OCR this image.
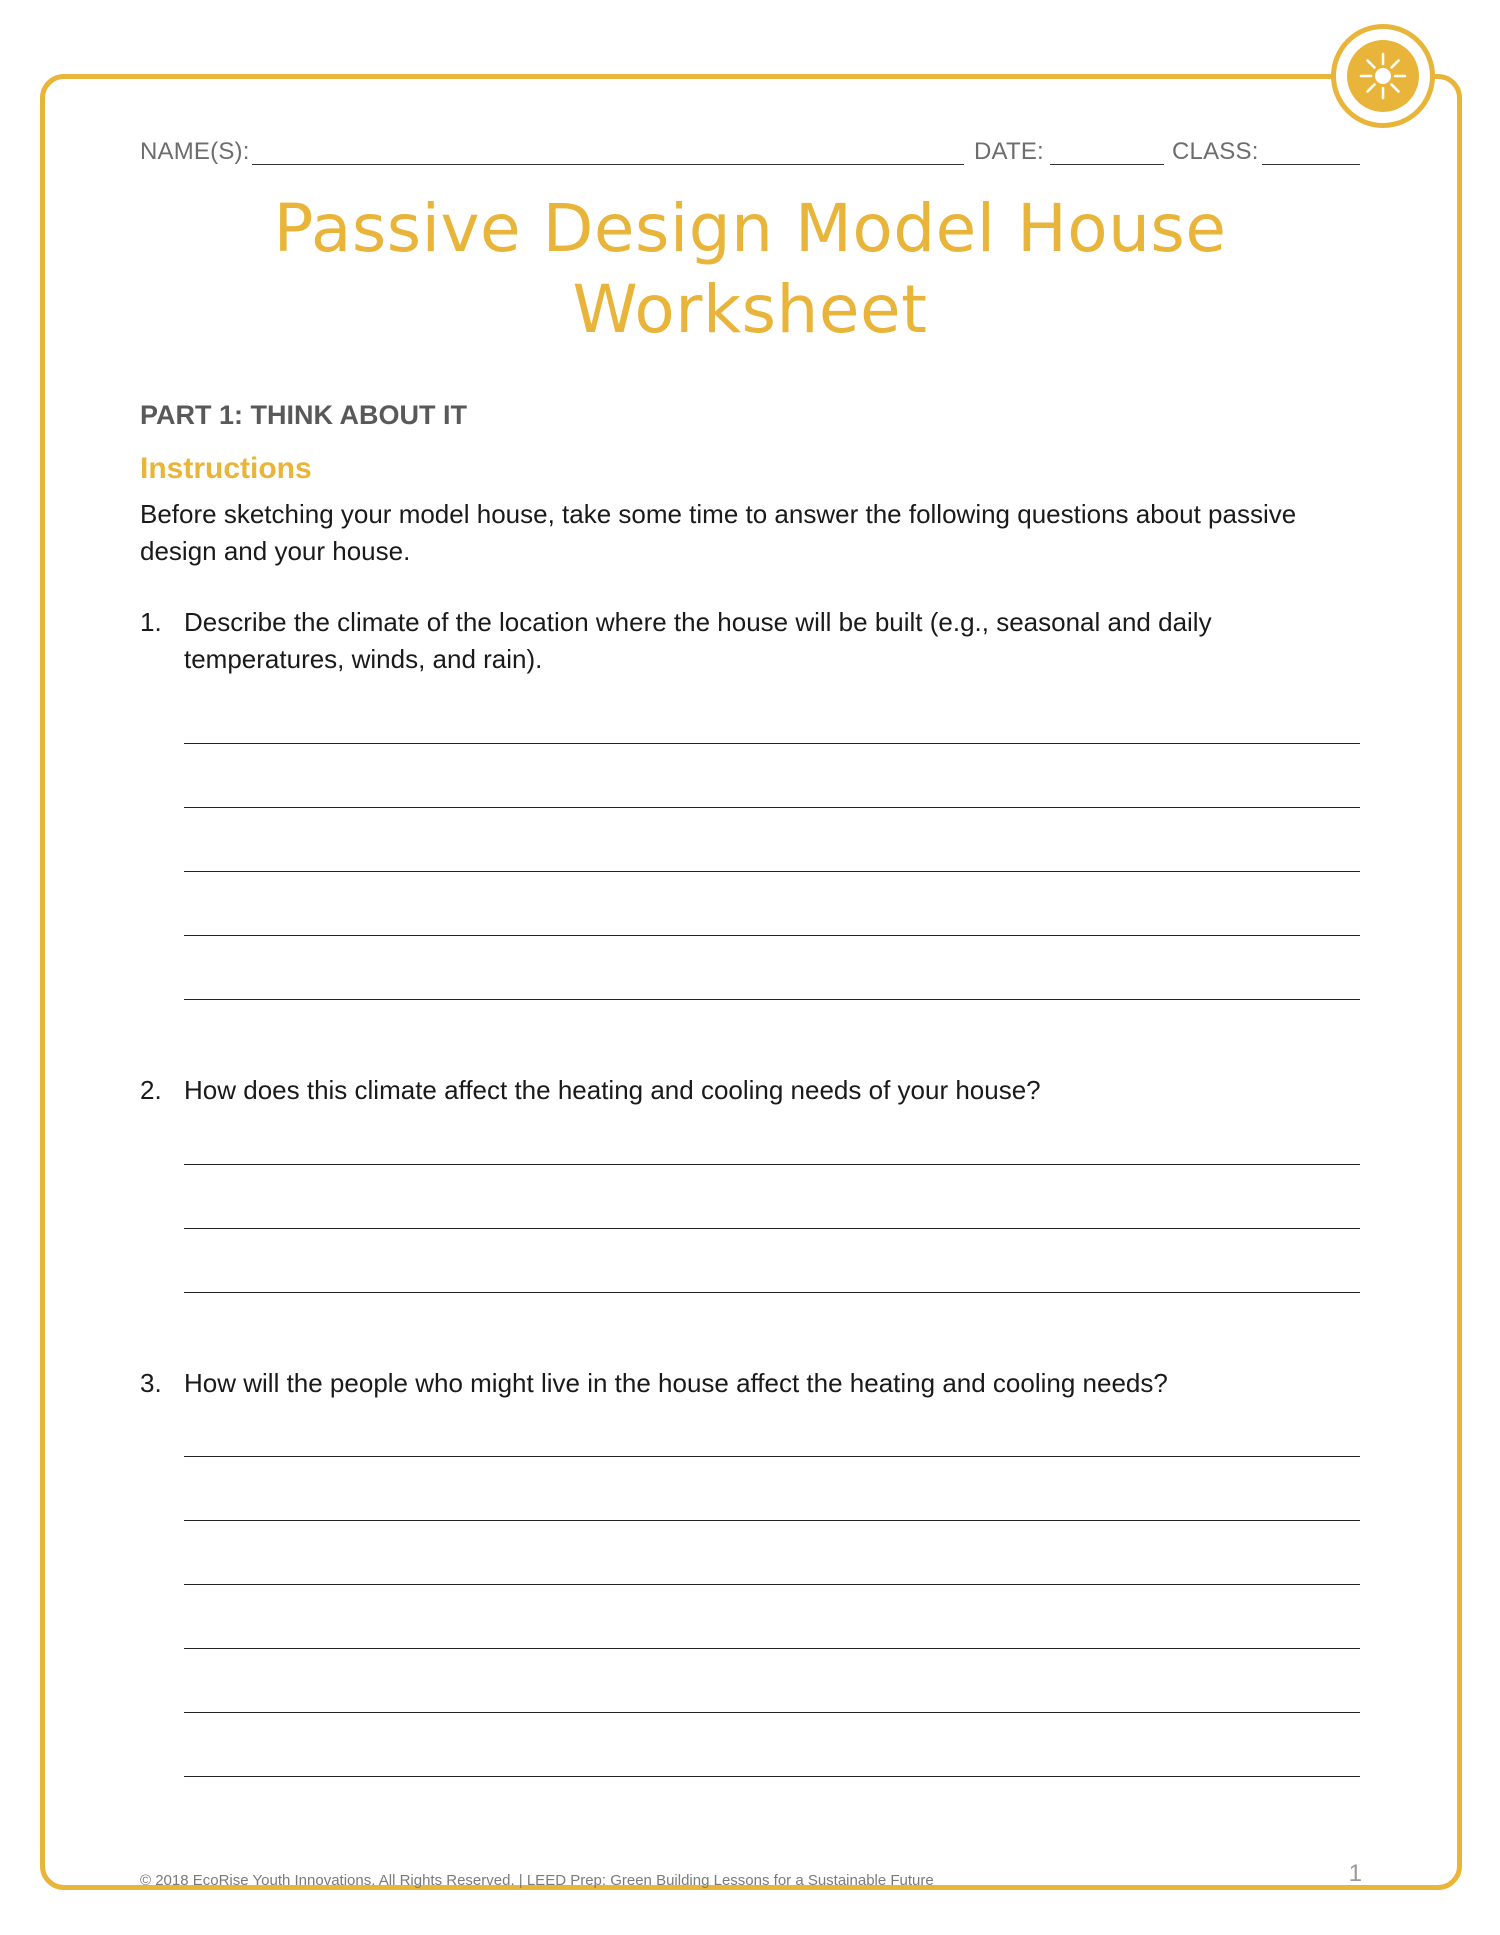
NAME(S):	DATE:	CLASS:
Passive Design Model House
Worksheet
PART 1: THINK ABOUT IT
Instructions

Before sketching your model house, take some time to answer the following questions about passive design and your house.

1. Describe the climate of the location where the house will be built (e.g., seasonal and daily temperatures, winds, and rain).
2. How does this climate affect the heating and cooling needs of your house?
3. How will the people who might live in the house affect the heating and cooling needs?
© 2018 EcoRise Youth Innovations. All Rights Reserved. | LEED Prep: Green Building Lessons for a Sustainable Future	1
